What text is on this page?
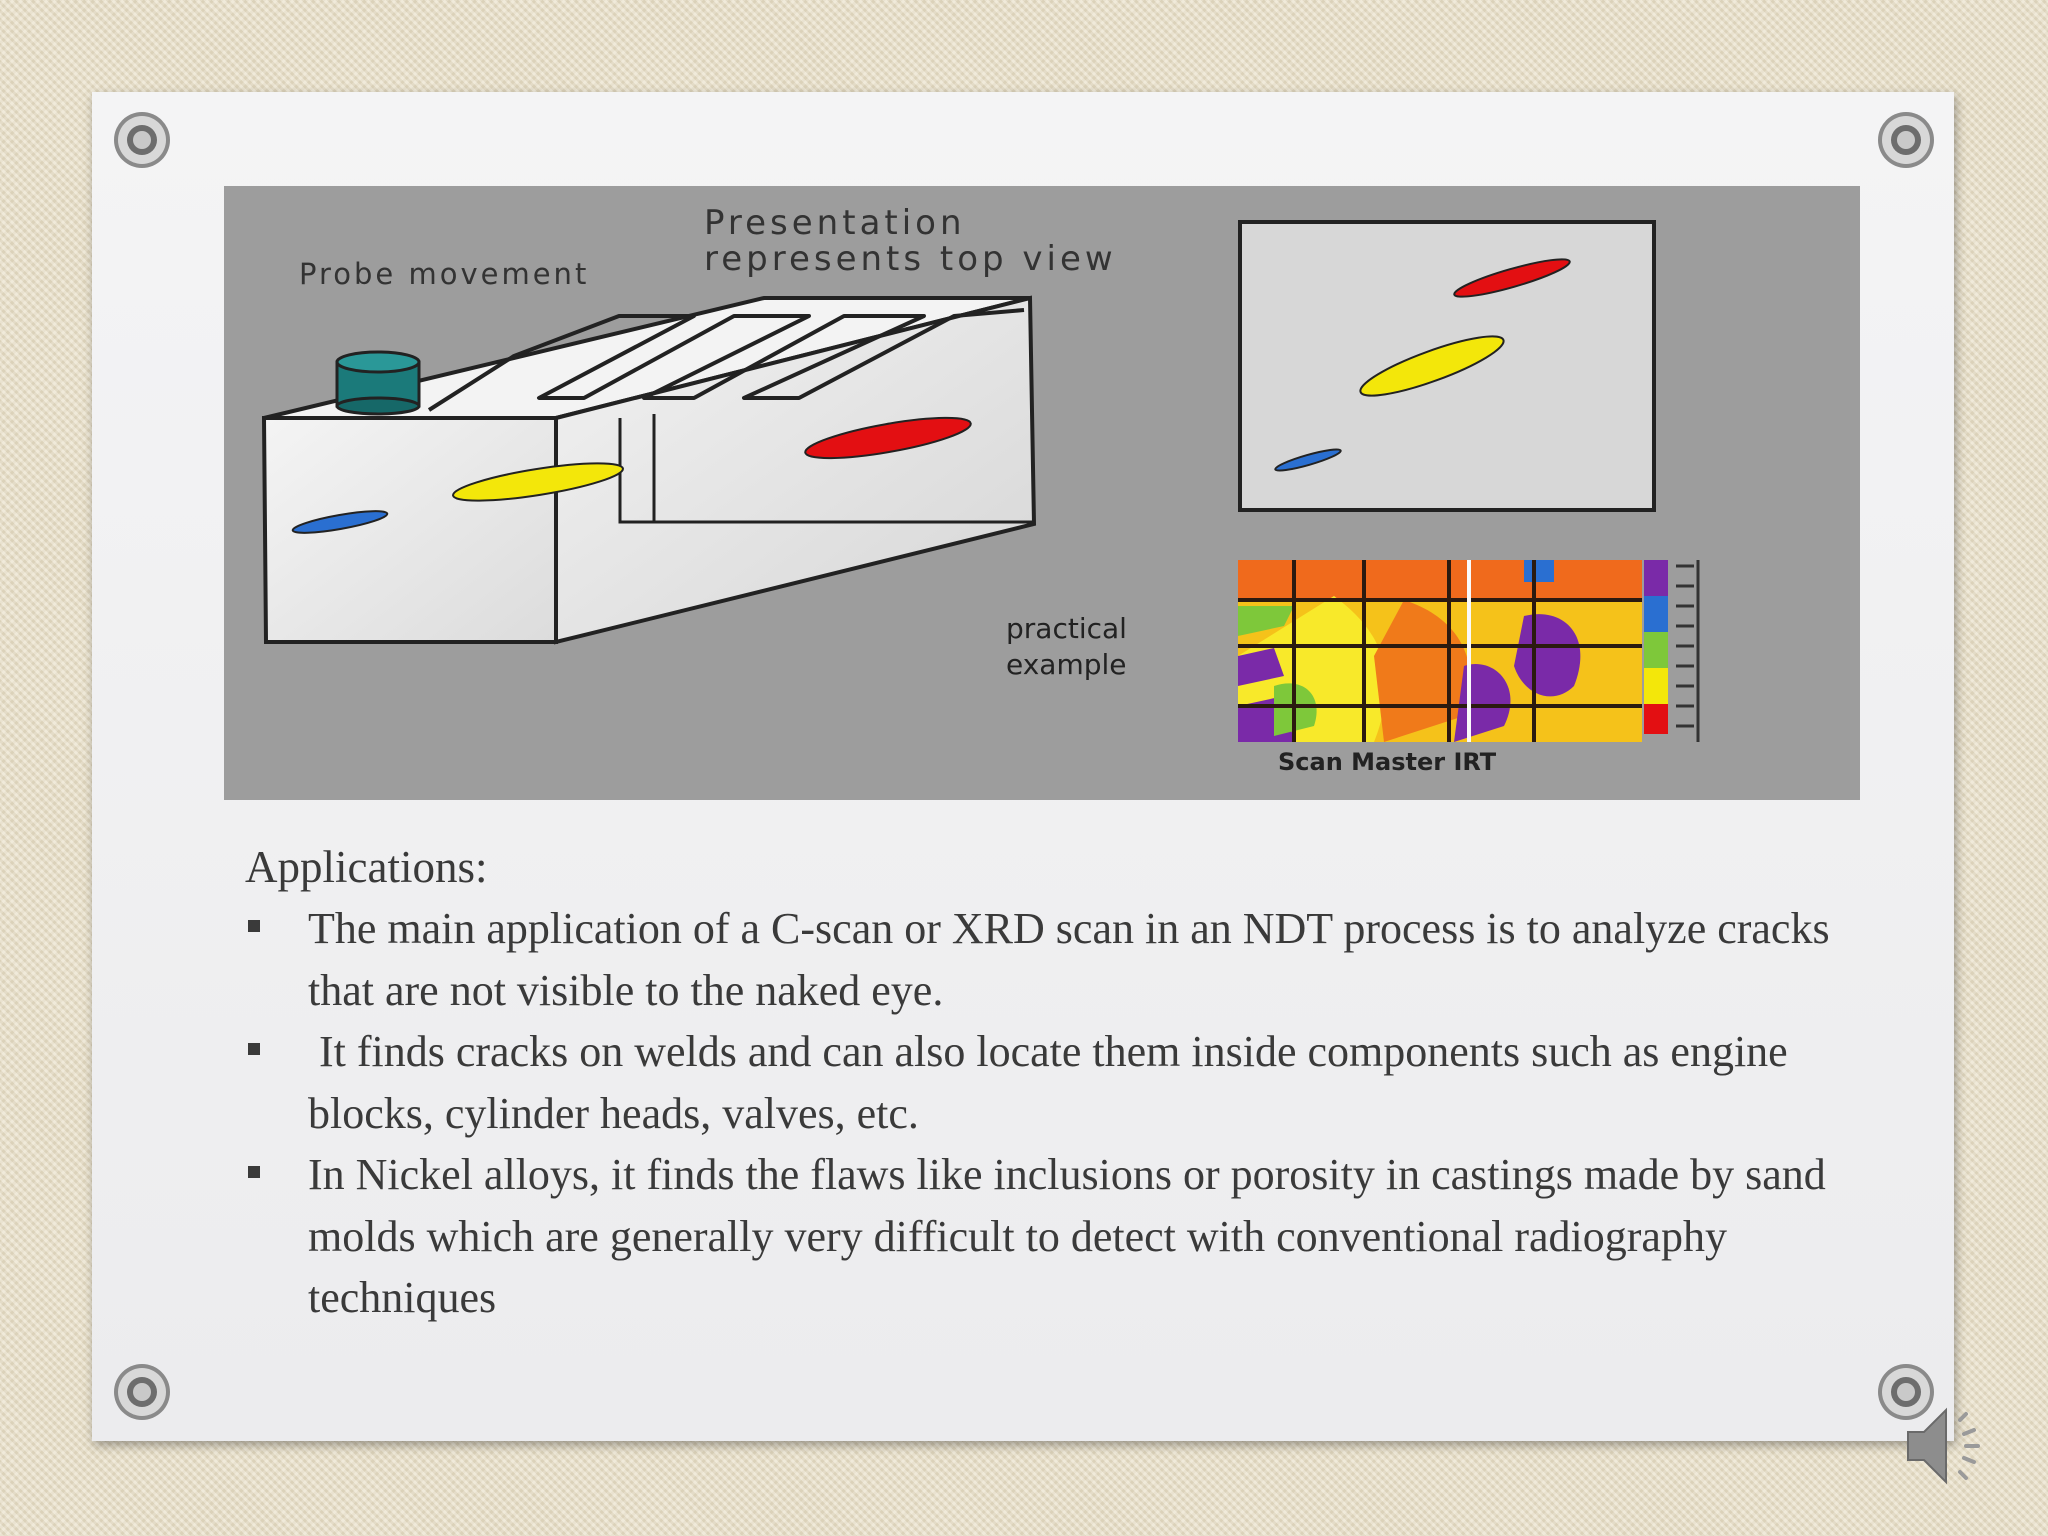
Probe movement
Presentation
represents top view
practical
example
Scan Master IRT
Applications:
The main application of a C-scan or XRD scan in an NDT process is to analyze cracks that are not visible to the naked eye.
It finds cracks on welds and can also locate them inside components such as engine blocks, cylinder heads, valves, etc.
In Nickel alloys, it finds the flaws like inclusions or porosity in castings made by sand molds which are generally very difficult to detect with conventional radiography techniques
